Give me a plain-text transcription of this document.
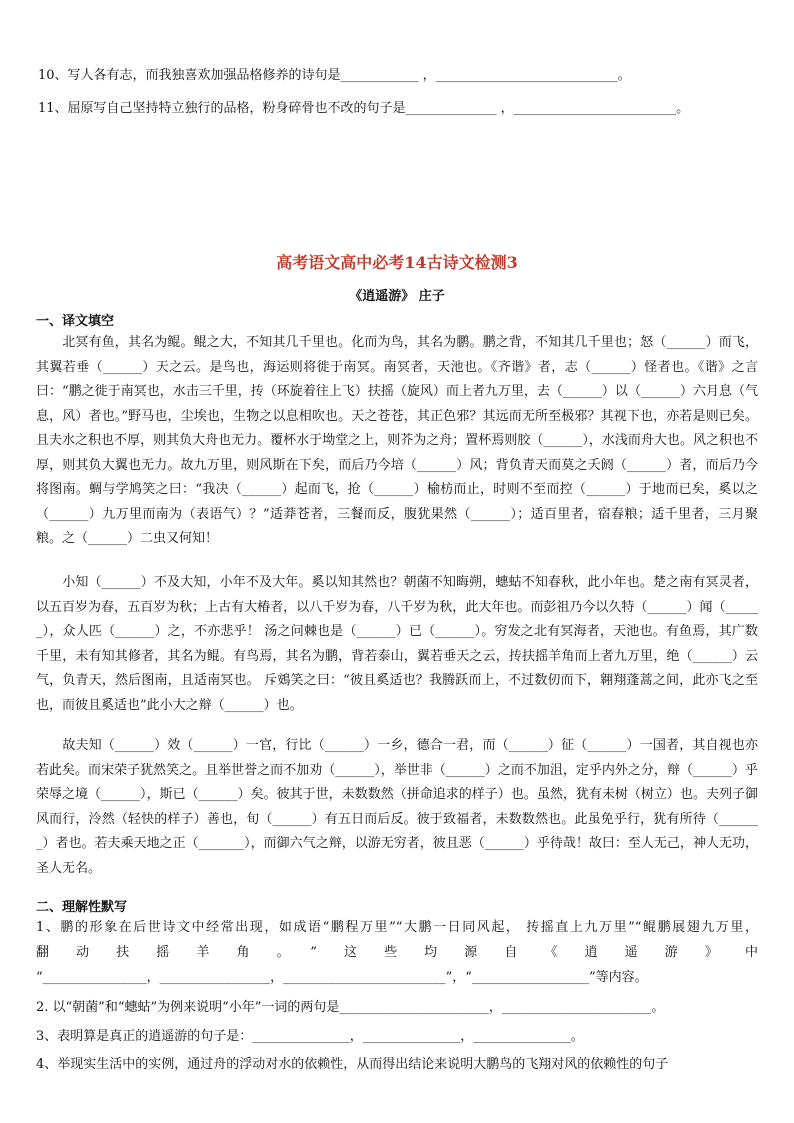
10、写人各有志，而我独喜欢加强品格修养的诗句是____________ ，____________________________。
11、屈原写自己坚持特立独行的品格，粉身碎骨也不改的句子是______________ ，_________________________。
高考语文高中必考14古诗文检测3
《逍遥游》 庄子
一、译文填空
　　北冥有鱼，其名为鲲。鲲之大，不知其几千里也。化而为鸟，其名为鹏。鹏之背，不知其几千里也；怒（______）而飞，其翼若垂（______）天之云。是鸟也，海运则将徙于南冥。南冥者，天池也。《齐谐》者，志（______）怪者也。《谐》之言曰：“鹏之徙于南冥也，水击三千里，抟（环旋着往上飞）扶摇（旋风）而上者九万里，去（______）以（______）六月息（气息，风）者也。”野马也，尘埃也，生物之以息相吹也。天之苍苍，其正色邪？其远而无所至极邪？其视下也，亦若是则已矣。且夫水之积也不厚，则其负大舟也无力。覆杯水于坳堂之上，则芥为之舟；置杯焉则胶（______），水浅而舟大也。风之积也不厚，则其负大翼也无力。故九万里，则风斯在下矣，而后乃今培（______）风；背负青天而莫之夭阏（______）者，而后乃今将图南。蜩与学鸠笑之曰：“我决（______）起而飞，抢（______）榆枋而止，时则不至而控（______）于地而已矣，奚以之（______）九万里而南为（表语气）？”适莽苍者，三餐而反，腹犹果然（______）；适百里者，宿春粮；适千里者，三月聚粮。之（______）二虫又何知！
　　小知（______）不及大知，小年不及大年。奚以知其然也？朝菌不知晦朔，蟪蛄不知春秋，此小年也。楚之南有冥灵者，以五百岁为春，五百岁为秋；上古有大椿者，以八千岁为春，八千岁为秋，此大年也。而彭祖乃今以久特（______）闻（______），众人匹（______）之，不亦悲乎！ 汤之问棘也是（______）已（______）。穷发之北有冥海者，天池也。有鱼焉，其广数千里，未有知其修者，其名为鲲。有鸟焉，其名为鹏，背若泰山，翼若垂天之云，抟扶摇羊角而上者九万里，绝（______）云气，负青天，然后图南，且适南冥也。 斥鴳笑之曰：“彼且奚适也？我腾跃而上，不过数仞而下，翱翔蓬蒿之间，此亦飞之至也，而彼且奚适也”此小大之辩（______）也。
　　故夫知（______）效（______）一官，行比（______）一乡，德合一君，而（______）征（______）一国者，其自视也亦若此矣。而宋荣子犹然笑之。且举世誉之而不加劝（______），举世非（______）之而不加沮，定乎内外之分，辩（______）乎荣辱之境（______），斯已（______）矣。彼其于世，未数数然（拼命追求的样子）也。虽然，犹有未树（树立）也。夫列子御风而行，泠然（轻快的样子）善也，旬（______）有五日而后反。彼于致福者，未数数然也。此虽免乎行，犹有所待（_______）者也。若夫乘天地之正（_______），而御六气之辩，以游无穷者，彼且恶（______）乎待哉！故曰：至人无己，神人无功，圣人无名。
二、理解性默写
1、鹏的形象在后世诗文中经常出现，如成语“鹏程万里”“大鹏一日同风起， 抟摇直上九万里”“鲲鹏展翅九万里，
翻动扶摇羊角。”这些均源自《逍遥游》中
“________________，_________________，_________________________”，“__________________”等内容。
2. 以“朝菌”和“蟪蛄”为例来说明“小年”一词的两句是_______________________，_______________________。
3、表明算是真正的逍遥游的句子是：_______________，_______________，_______________。
4、举现实生活中的实例，通过舟的浮动对水的依赖性，从而得出结论来说明大鹏鸟的飞翔对风的依赖性的句子
